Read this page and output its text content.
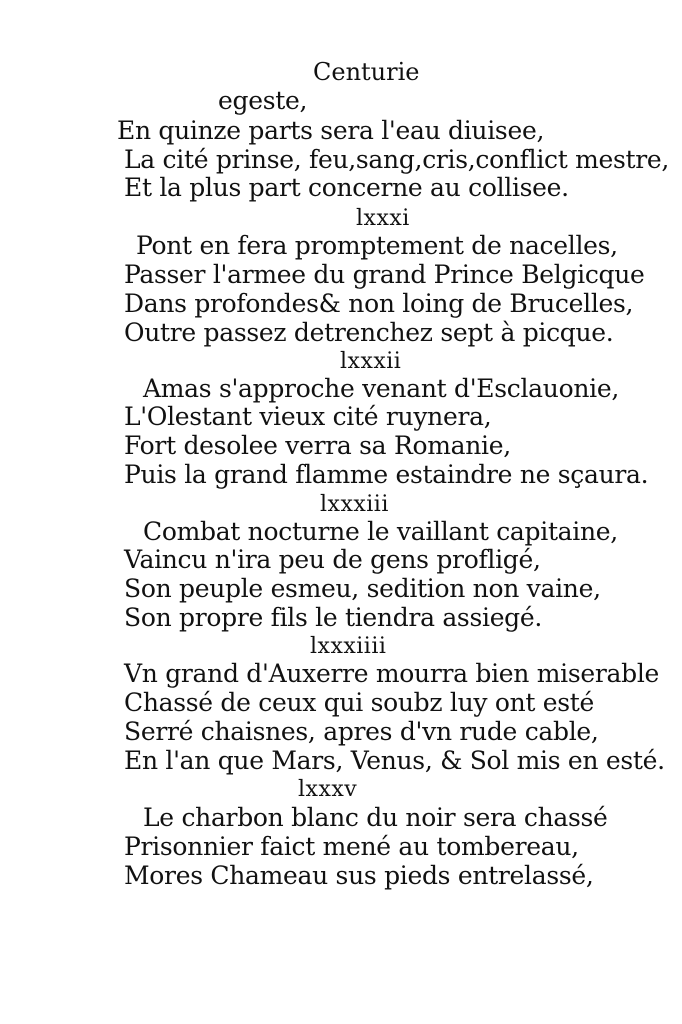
Centurie
egeste,
En quinze parts sera l'eau diuisee,
La cité prinse, feu,sang,cris,conflict mestre,
Et la plus part concerne au collisee.
lxxxi
Pont en fera promptement de nacelles,
Passer l'armee du grand Prince Belgicque
Dans profondes& non loing de Brucelles,
Outre passez detrenchez sept à picque.
lxxxii
Amas s'approche venant d'Esclauonie,
L'Olestant vieux cité ruynera,
Fort desolee verra sa Romanie,
Puis la grand flamme estaindre ne sçaura.
lxxxiii
Combat nocturne le vaillant capitaine,
Vaincu n'ira peu de gens profligé,
Son peuple esmeu, sedition non vaine,
Son propre fils le tiendra assiegé.
lxxxiiii
Vn grand d'Auxerre mourra bien miserable
Chassé de ceux qui soubz luy ont esté
Serré chaisnes, apres d'vn rude cable,
En l'an que Mars, Venus, & Sol mis en esté.
lxxxv
Le charbon blanc du noir sera chassé
Prisonnier faict mené au tombereau,
Mores Chameau sus pieds entrelassé,
